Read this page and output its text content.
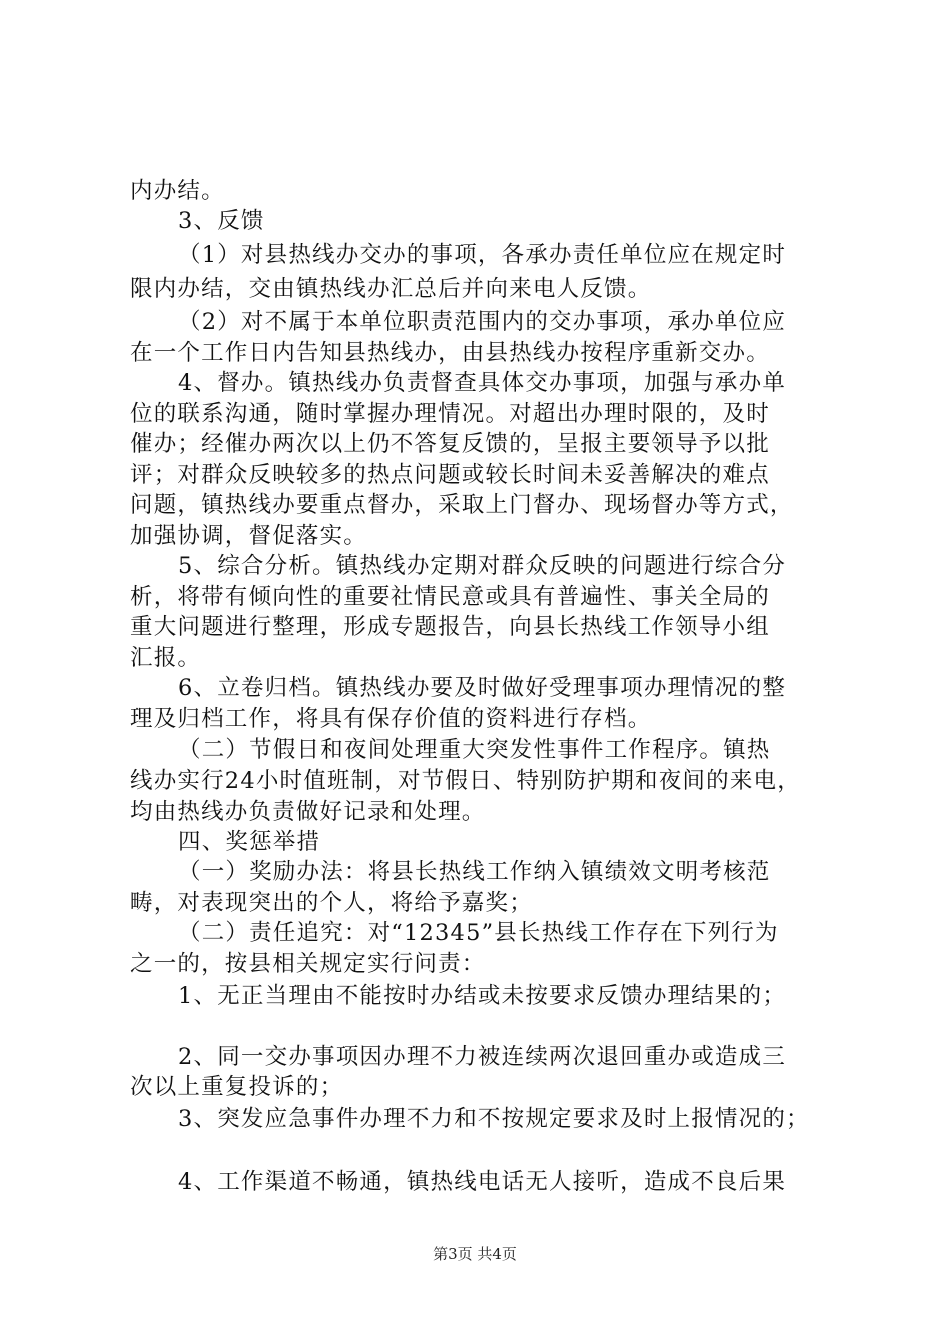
内办结。
3、反馈
（1）对县热线办交办的事项，各承办责任单位应在规定时
限内办结，交由镇热线办汇总后并向来电人反馈。
（2）对不属于本单位职责范围内的交办事项，承办单位应
在一个工作日内告知县热线办，由县热线办按程序重新交办。
4、督办。镇热线办负责督查具体交办事项，加强与承办单
位的联系沟通，随时掌握办理情况。对超出办理时限的，及时
催办；经催办两次以上仍不答复反馈的，呈报主要领导予以批
评；对群众反映较多的热点问题或较长时间未妥善解决的难点
问题，镇热线办要重点督办，采取上门督办、现场督办等方式，
加强协调，督促落实。
5、综合分析。镇热线办定期对群众反映的问题进行综合分
析，将带有倾向性的重要社情民意或具有普遍性、事关全局的
重大问题进行整理，形成专题报告，向县长热线工作领导小组
汇报。
6、立卷归档。镇热线办要及时做好受理事项办理情况的整
理及归档工作，将具有保存价值的资料进行存档。
（二）节假日和夜间处理重大突发性事件工作程序。镇热
线办实行24小时值班制，对节假日、特别防护期和夜间的来电，
均由热线办负责做好记录和处理。
四、奖惩举措
（一）奖励办法：将县长热线工作纳入镇绩效文明考核范
畴，对表现突出的个人，将给予嘉奖；
（二）责任追究：对“12345”县长热线工作存在下列行为
之一的，按县相关规定实行问责：
1、无正当理由不能按时办结或未按要求反馈办理结果的；
2、同一交办事项因办理不力被连续两次退回重办或造成三
次以上重复投诉的；
3、突发应急事件办理不力和不按规定要求及时上报情况的；
4、工作渠道不畅通，镇热线电话无人接听，造成不良后果
第3页 共4页
